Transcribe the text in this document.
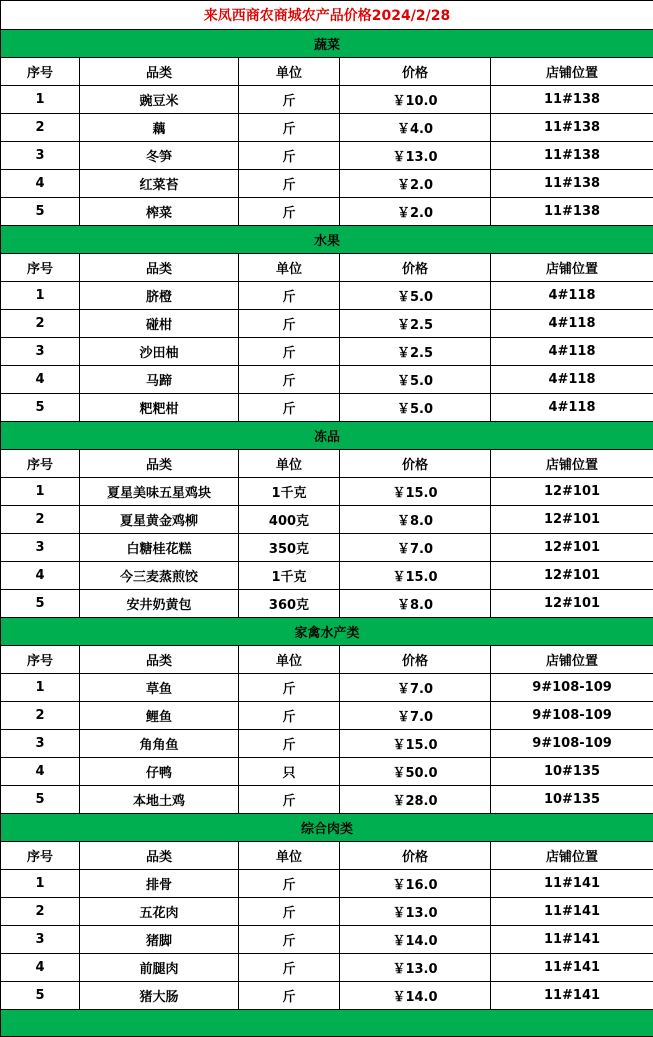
来凤西商农商城农产品价格2024/2/28				
蔬菜				
序号	品类	单位	价格	店铺位置
1	豌豆米	斤	￥10.0	11#138
2	藕	斤	￥4.0	11#138
3	冬笋	斤	￥13.0	11#138
4	红菜苔	斤	￥2.0	11#138
5	榨菜	斤	￥2.0	11#138
水果				
序号	品类	单位	价格	店铺位置
1	脐橙	斤	￥5.0	4#118
2	碰柑	斤	￥2.5	4#118
3	沙田柚	斤	￥2.5	4#118
4	马蹄	斤	￥5.0	4#118
5	粑粑柑	斤	￥5.0	4#118
冻品				
序号	品类	单位	价格	店铺位置
1	夏星美味五星鸡块	1千克	￥15.0	12#101
2	夏星黄金鸡柳	400克	￥8.0	12#101
3	白糖桂花糕	350克	￥7.0	12#101
4	今三麦蒸煎饺	1千克	￥15.0	12#101
5	安井奶黄包	360克	￥8.0	12#101
家禽水产类				
序号	品类	单位	价格	店铺位置
1	草鱼	斤	￥7.0	9#108-109
2	鲤鱼	斤	￥7.0	9#108-109
3	角角鱼	斤	￥15.0	9#108-109
4	仔鸭	只	￥50.0	10#135
5	本地土鸡	斤	￥28.0	10#135
综合肉类				
序号	品类	单位	价格	店铺位置
1	排骨	斤	￥16.0	11#141
2	五花肉	斤	￥13.0	11#141
3	猪脚	斤	￥14.0	11#141
4	前腿肉	斤	￥13.0	11#141
5	猪大肠	斤	￥14.0	11#141
